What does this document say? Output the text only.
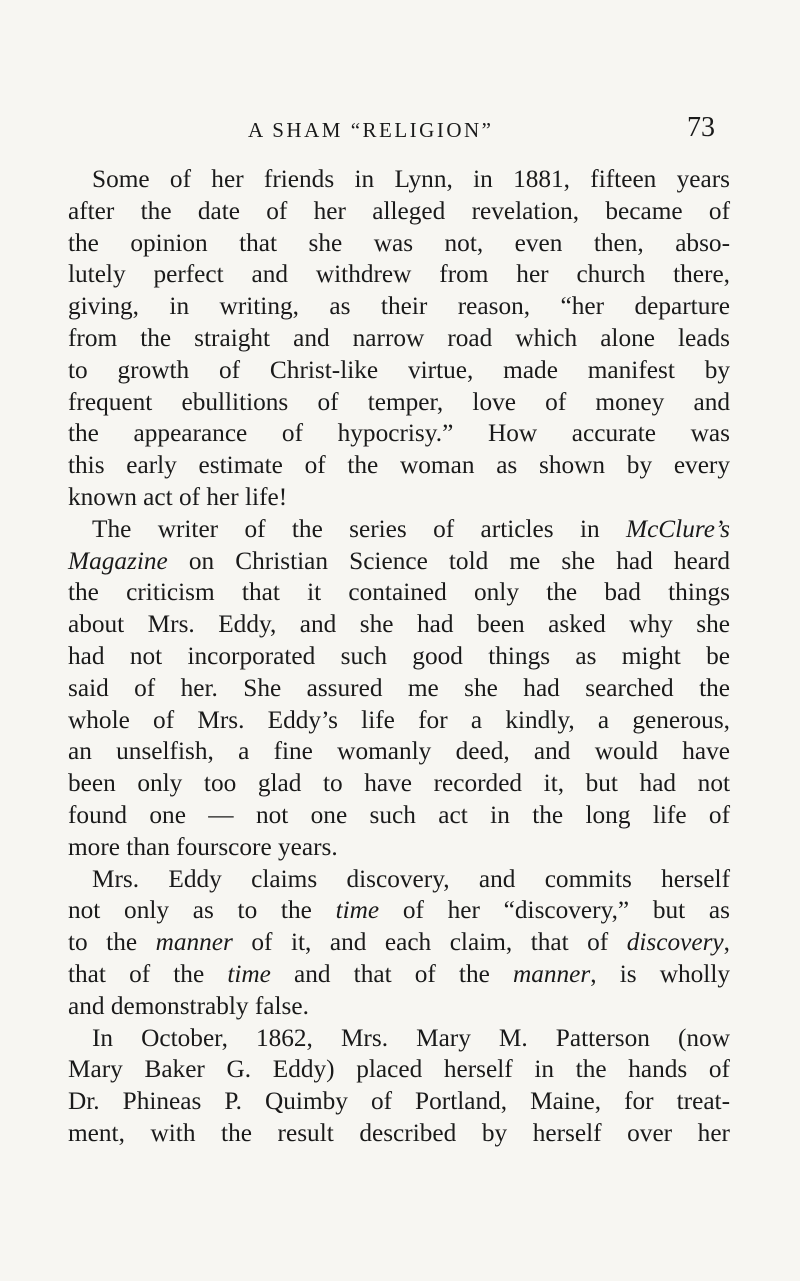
A SHAM “RELIGION”	73
Some of her friends in Lynn, in 1881, fifteen years
after the date of her alleged revelation, became of
the opinion that she was not, even then, abso-
lutely perfect and withdrew from her church there,
giving, in writing, as their reason, “her departure
from the straight and narrow road which alone leads
to growth of Christ-like virtue, made manifest by
frequent ebullitions of temper, love of money and
the appearance of hypocrisy.” How accurate was
this early estimate of the woman as shown by every
known act of her life!
The writer of the series of articles in McClure’s
Magazine on Christian Science told me she had heard
the criticism that it contained only the bad things
about Mrs. Eddy, and she had been asked why she
had not incorporated such good things as might be
said of her. She assured me she had searched the
whole of Mrs. Eddy’s life for a kindly, a generous,
an unselfish, a fine womanly deed, and would have
been only too glad to have recorded it, but had not
found one — not one such act in the long life of
more than fourscore years.
Mrs. Eddy claims discovery, and commits herself
not only as to the time of her “discovery,” but as
to the manner of it, and each claim, that of discovery,
that of the time and that of the manner, is wholly
and demonstrably false.
In October, 1862, Mrs. Mary M. Patterson (now
Mary Baker G. Eddy) placed herself in the hands of
Dr. Phineas P. Quimby of Portland, Maine, for treat-
ment, with the result described by herself over her
